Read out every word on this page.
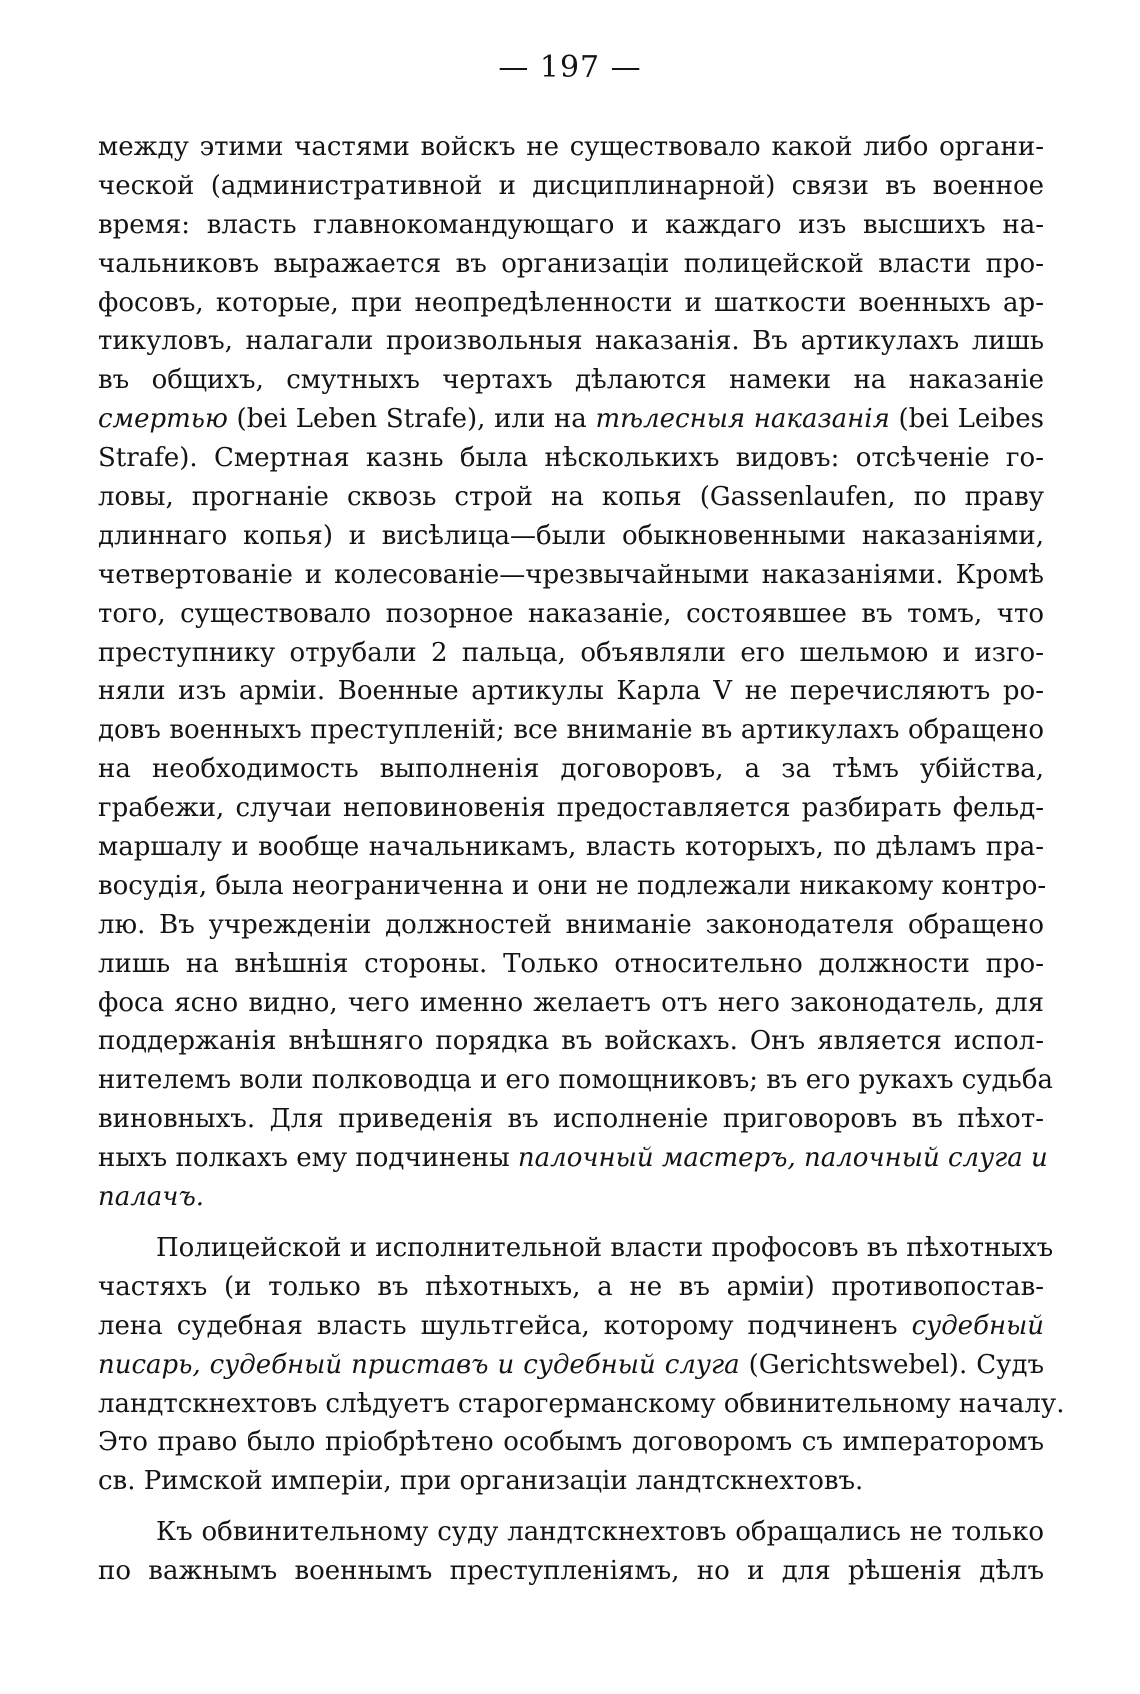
— 197 —
между этими частями войскъ не существовало какой либо органи-
ческой (административной и дисциплинарной) связи въ военное
время: власть главнокомандующаго и каждаго изъ высшихъ на-
чальниковъ выражается въ организаціи полицейской власти про-
фосовъ, которые, при неопредѣленности и шаткости военныхъ ар-
тикуловъ, налагали произвольныя наказанія. Въ артикулахъ лишь
въ общихъ, смутныхъ чертахъ дѣлаются намеки на наказаніе
смертью (bei Leben Strafe), или на тѣлесныя наказанія (bei Leibes
Strafe). Смертная казнь была нѣсколькихъ видовъ: отсѣченіе го-
ловы, прогнаніе сквозь строй на копья (Gassenlaufen, по праву
длиннаго копья) и висѣлица—были обыкновенными наказаніями,
четвертованіе и колесованіе—чрезвычайными наказаніями. Кромѣ
того, существовало позорное наказаніе, состоявшее въ томъ, что
преступнику отрубали 2 пальца, объявляли его шельмою и изго-
няли изъ арміи. Военные артикулы Карла V не перечисляютъ ро-
довъ военныхъ преступленій; все вниманіе въ артикулахъ обращено
на необходимость выполненія договоровъ, а за тѣмъ убійства,
грабежи, случаи неповиновенія предоставляется разбирать фельд-
маршалу и вообще начальникамъ, власть которыхъ, по дѣламъ пра-
восудія, была неограниченна и они не подлежали никакому контро-
лю. Въ учрежденіи должностей вниманіе законодателя обращено
лишь на внѣшнія стороны. Только относительно должности про-
фоса ясно видно, чего именно желаетъ отъ него законодатель, для
поддержанія внѣшняго порядка въ войскахъ. Онъ является испол-
нителемъ воли полководца и его помощниковъ; въ его рукахъ судьба
виновныхъ. Для приведенія въ исполненіе приговоровъ въ пѣхот-
ныхъ полкахъ ему подчинены палочный мастеръ, палочный слуга и
палачъ.
Полицейской и исполнительной власти профосовъ въ пѣхотныхъ
частяхъ (и только въ пѣхотныхъ, а не въ арміи) противопостав-
лена судебная власть шультгейса, которому подчиненъ судебный
писарь, судебный приставъ и судебный слуга (Gerichtswebel). Судъ
ландтскнехтовъ слѣдуетъ старогерманскому обвинительному началу.
Это право было пріобрѣтено особымъ договоромъ съ императоромъ
св. Римской имперіи, при организаціи ландтскнехтовъ.
Къ обвинительному суду ландтскнехтовъ обращались не только
по важнымъ военнымъ преступленіямъ, но и для рѣшенія дѣлъ
